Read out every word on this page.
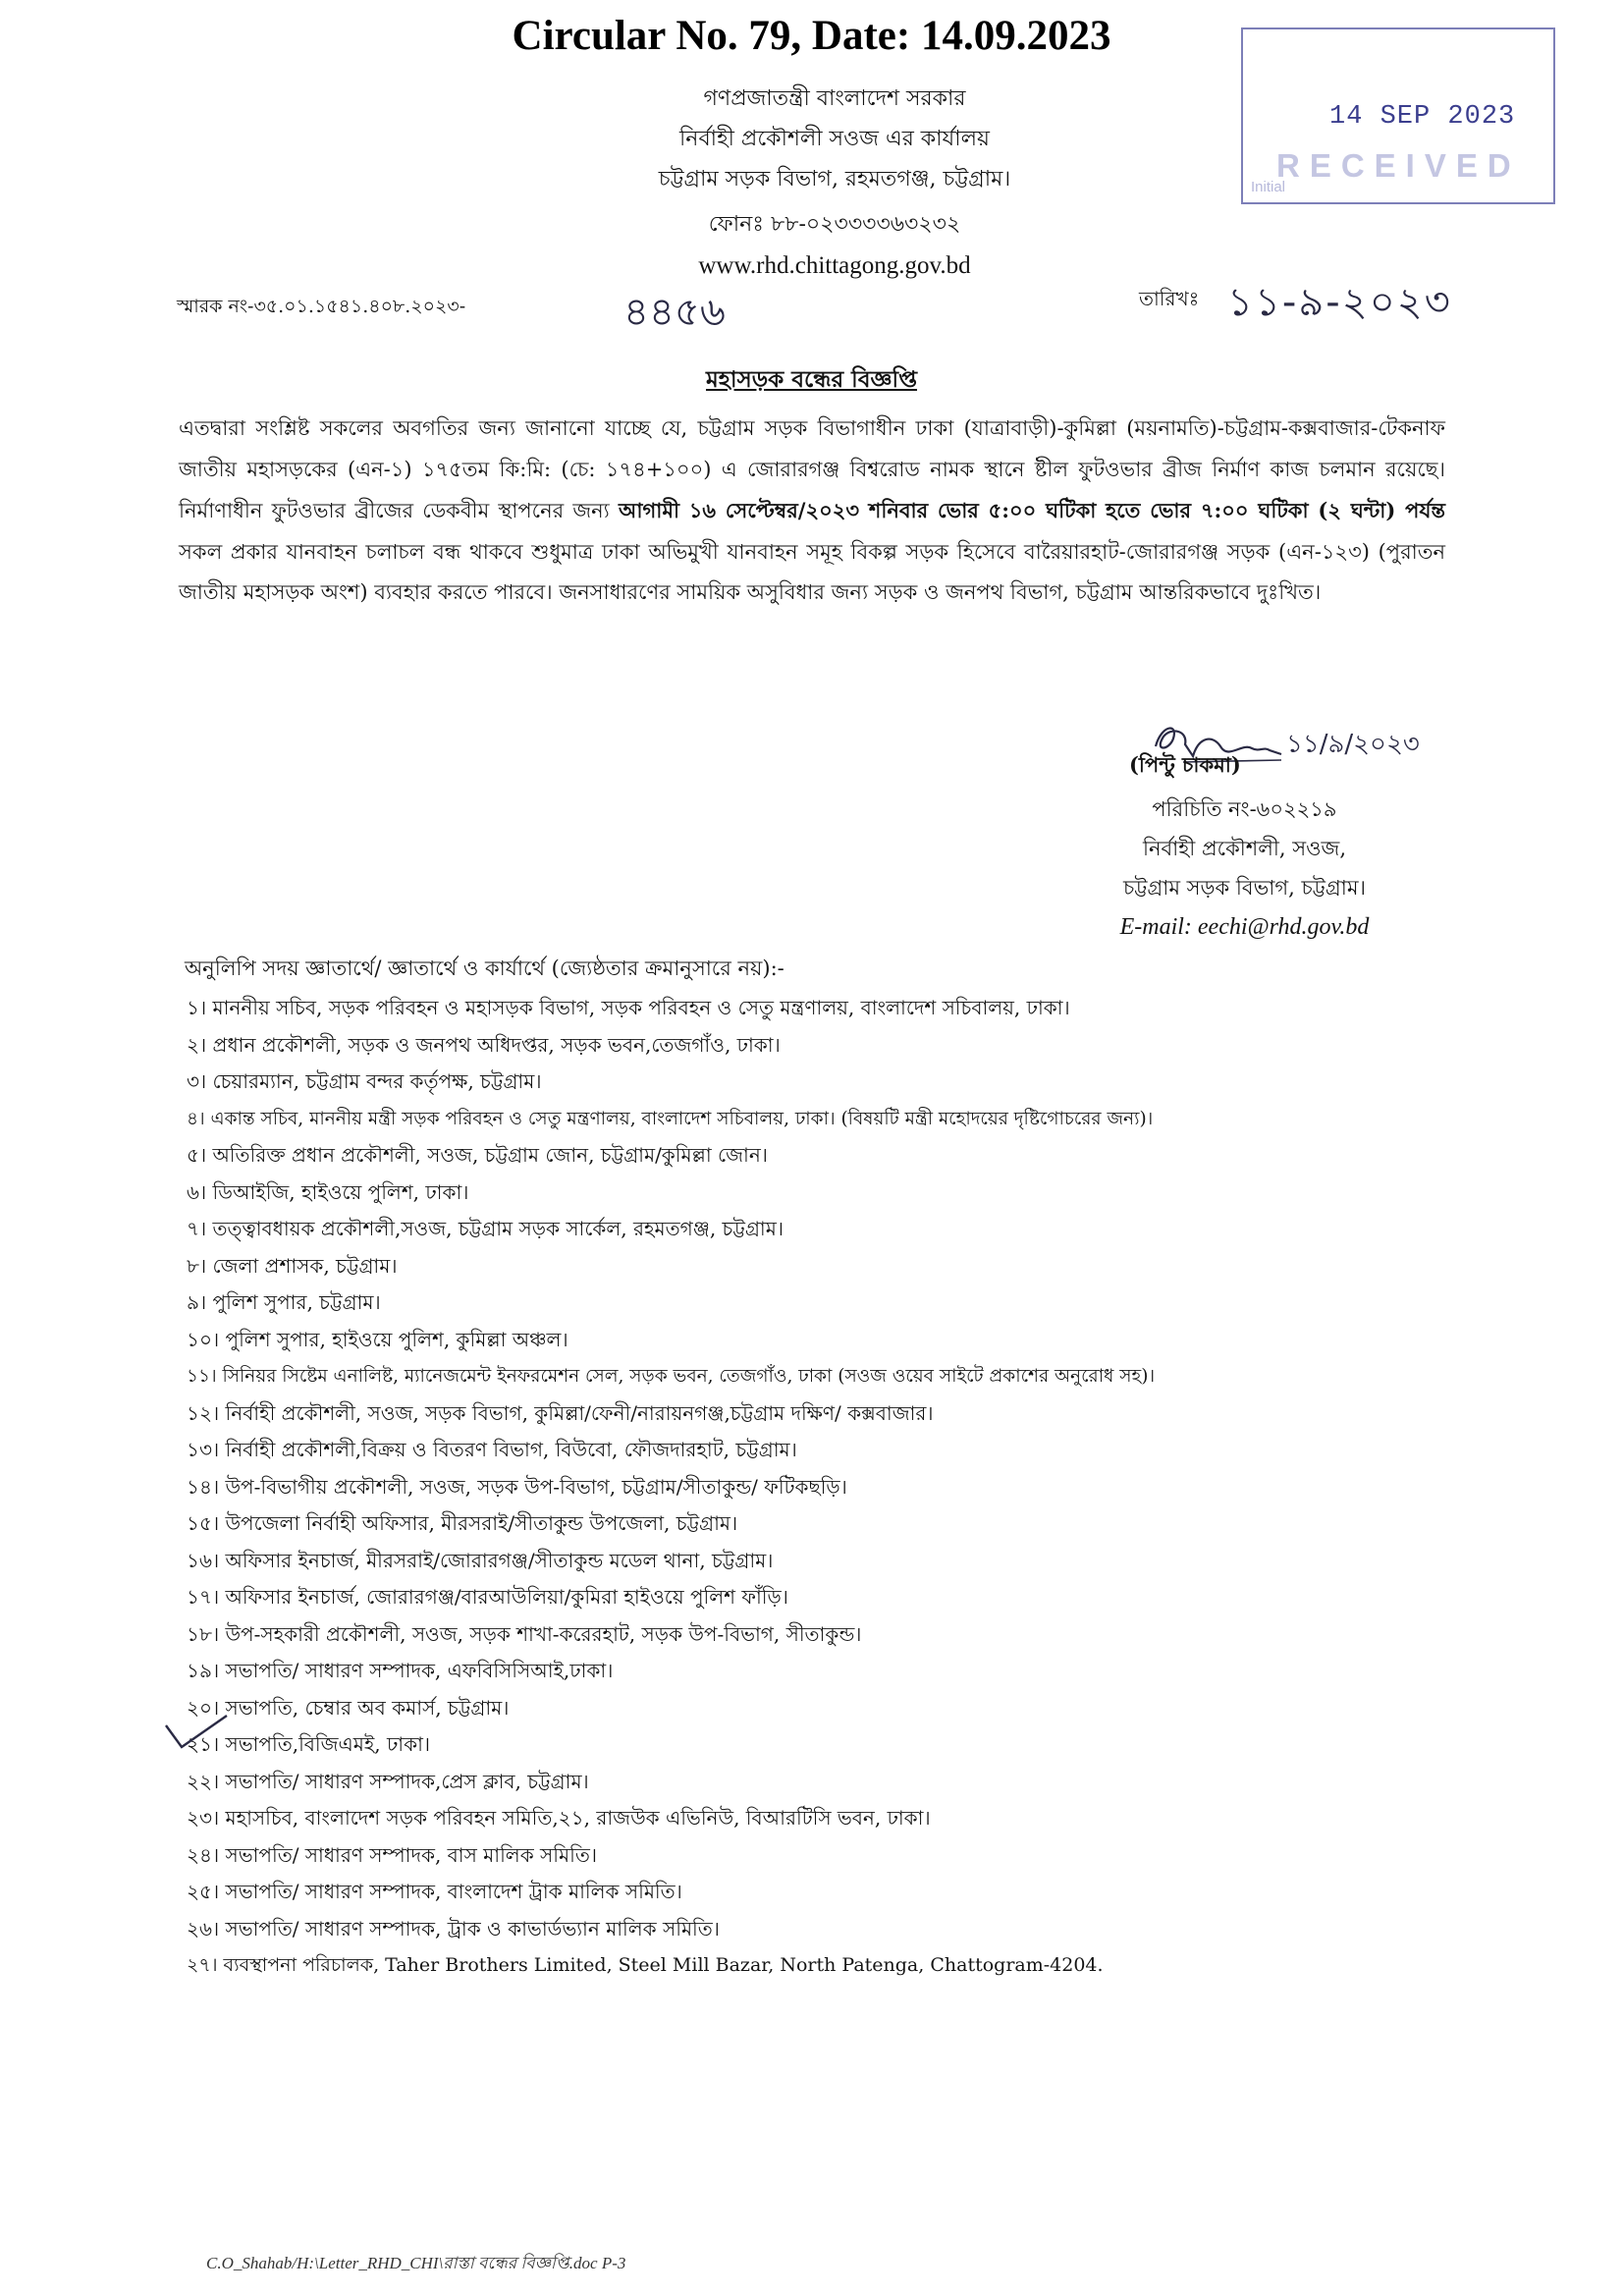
Circular No. 79, Date: 14.09.2023
গণপ্রজাতন্ত্রী বাংলাদেশ সরকার
নির্বাহী প্রকৌশলী সওজ এর কার্যালয়
চট্টগ্রাম সড়ক বিভাগ, রহমতগঞ্জ, চট্টগ্রাম।
ফোনঃ ৮৮-০২৩৩৩৩৬৩২৩২
www.rhd.chittagong.gov.bd
14 SEP 2023
RECEIVED
Initial
স্মারক নং-৩৫.০১.১৫৪১.৪০৮.২০২৩-	৪৪৫৬	তারিখঃ ১১-৯-২০২৩
মহাসড়ক বন্ধের বিজ্ঞপ্তি
এতদ্বারা সংশ্লিষ্ট সকলের অবগতির জন্য জানানো যাচ্ছে যে, চট্টগ্রাম সড়ক বিভাগাধীন ঢাকা (যাত্রাবাড়ী)-কুমিল্লা (ময়নামতি)-চট্টগ্রাম-কক্সবাজার-টেকনাফ জাতীয় মহাসড়কের (এন-১) ১৭৫তম কি:মি: (চে: ১৭৪+১০০) এ জোরারগঞ্জ বিশ্বরোড নামক স্থানে ষ্টীল ফুটওভার ব্রীজ নির্মাণ কাজ চলমান রয়েছে। নির্মাণাধীন ফুটওভার ব্রীজের ডেকবীম স্থাপনের জন্য আগামী ১৬ সেপ্টেম্বর/২০২৩ শনিবার ভোর ৫:০০ ঘটিকা হতে ভোর ৭:০০ ঘটিকা (২ ঘন্টা) পর্যন্ত সকল প্রকার যানবাহন চলাচল বন্ধ থাকবে শুধুমাত্র ঢাকা অভিমুখী যানবাহন সমূহ বিকল্প সড়ক হিসেবে বারৈয়ারহাট-জোরারগঞ্জ সড়ক (এন-১২৩) (পুরাতন জাতীয় মহাসড়ক অংশ) ব্যবহার করতে পারবে। জনসাধারণের সাময়িক অসুবিধার জন্য সড়ক ও জনপথ বিভাগ, চট্টগ্রাম আন্তরিকভাবে দুঃখিত।
১১/৯/২০২৩
(পিন্টু চাকমা)
পরিচিতি নং-৬০২২১৯
নির্বাহী প্রকৌশলী, সওজ,
চট্টগ্রাম সড়ক বিভাগ, চট্টগ্রাম।
E-mail: eechi@rhd.gov.bd
অনুলিপি সদয় জ্ঞাতার্থে/ জ্ঞাতার্থে ও কার্যার্থে (জ্যেষ্ঠতার ক্রমানুসারে নয়):-
১। মাননীয় সচিব, সড়ক পরিবহন ও মহাসড়ক বিভাগ, সড়ক পরিবহন ও সেতু মন্ত্রণালয়, বাংলাদেশ সচিবালয়, ঢাকা।
২। প্রধান প্রকৌশলী, সড়ক ও জনপথ অধিদপ্তর, সড়ক ভবন,তেজগাঁও, ঢাকা।
৩। চেয়ারম্যান, চট্টগ্রাম বন্দর কর্তৃপক্ষ, চট্টগ্রাম।
৪। একান্ত সচিব, মাননীয় মন্ত্রী সড়ক পরিবহন ও সেতু মন্ত্রণালয়, বাংলাদেশ সচিবালয়, ঢাকা। (বিষয়টি মন্ত্রী মহোদয়ের দৃষ্টিগোচরের জন্য)।
৫। অতিরিক্ত প্রধান প্রকৌশলী, সওজ, চট্টগ্রাম জোন, চট্টগ্রাম/কুমিল্লা জোন।
৬। ডিআইজি, হাইওয়ে পুলিশ, ঢাকা।
৭। তত্ত্বাবধায়ক প্রকৌশলী,সওজ, চট্টগ্রাম সড়ক সার্কেল, রহমতগঞ্জ, চট্টগ্রাম।
৮। জেলা প্রশাসক, চট্টগ্রাম।
৯। পুলিশ সুপার, চট্টগ্রাম।
১০। পুলিশ সুপার, হাইওয়ে পুলিশ, কুমিল্লা অঞ্চল।
১১। সিনিয়র সিষ্টেম এনালিষ্ট, ম্যানেজমেন্ট ইনফরমেশন সেল, সড়ক ভবন, তেজগাঁও, ঢাকা (সওজ ওয়েব সাইটে প্রকাশের অনুরোধ সহ)।
১২। নির্বাহী প্রকৌশলী, সওজ, সড়ক বিভাগ, কুমিল্লা/ফেনী/নারায়নগঞ্জ,চট্টগ্রাম দক্ষিণ/ কক্সবাজার।
১৩। নির্বাহী প্রকৌশলী,বিক্রয় ও বিতরণ বিভাগ, বিউবো, ফৌজদারহাট, চট্টগ্রাম।
১৪। উপ-বিভাগীয় প্রকৌশলী, সওজ, সড়ক উপ-বিভাগ, চট্টগ্রাম/সীতাকুন্ড/ ফটিকছড়ি।
১৫। উপজেলা নির্বাহী অফিসার, মীরসরাই/সীতাকুন্ড উপজেলা, চট্টগ্রাম।
১৬। অফিসার ইনচার্জ, মীরসরাই/জোরারগঞ্জ/সীতাকুন্ড মডেল থানা, চট্টগ্রাম।
১৭। অফিসার ইনচার্জ, জোরারগঞ্জ/বারআউলিয়া/কুমিরা হাইওয়ে পুলিশ ফাঁড়ি।
১৮। উপ-সহকারী প্রকৌশলী, সওজ, সড়ক শাখা-করেরহাট, সড়ক উপ-বিভাগ, সীতাকুন্ড।
১৯। সভাপতি/ সাধারণ সম্পাদক, এফবিসিসিআই,ঢাকা।
২০। সভাপতি, চেম্বার অব কমার্স, চট্টগ্রাম।
২১। সভাপতি,বিজিএমই, ঢাকা।
২২। সভাপতি/ সাধারণ সম্পাদক,প্রেস ক্লাব, চট্টগ্রাম।
২৩। মহাসচিব, বাংলাদেশ সড়ক পরিবহন সমিতি,২১, রাজউক এভিনিউ, বিআরটিসি ভবন, ঢাকা।
২৪। সভাপতি/ সাধারণ সম্পাদক, বাস মালিক সমিতি।
২৫। সভাপতি/ সাধারণ সম্পাদক, বাংলাদেশ ট্রাক মালিক সমিতি।
২৬। সভাপতি/ সাধারণ সম্পাদক, ট্রাক ও কাভার্ডভ্যান মালিক সমিতি।
২৭। ব্যবস্থাপনা পরিচালক, Taher Brothers Limited, Steel Mill Bazar, North Patenga, Chattogram-4204.
C.O_Shahab/H:\Letter_RHD_CHI\রাস্তা বন্ধের বিজ্ঞপ্তি.doc P-3
